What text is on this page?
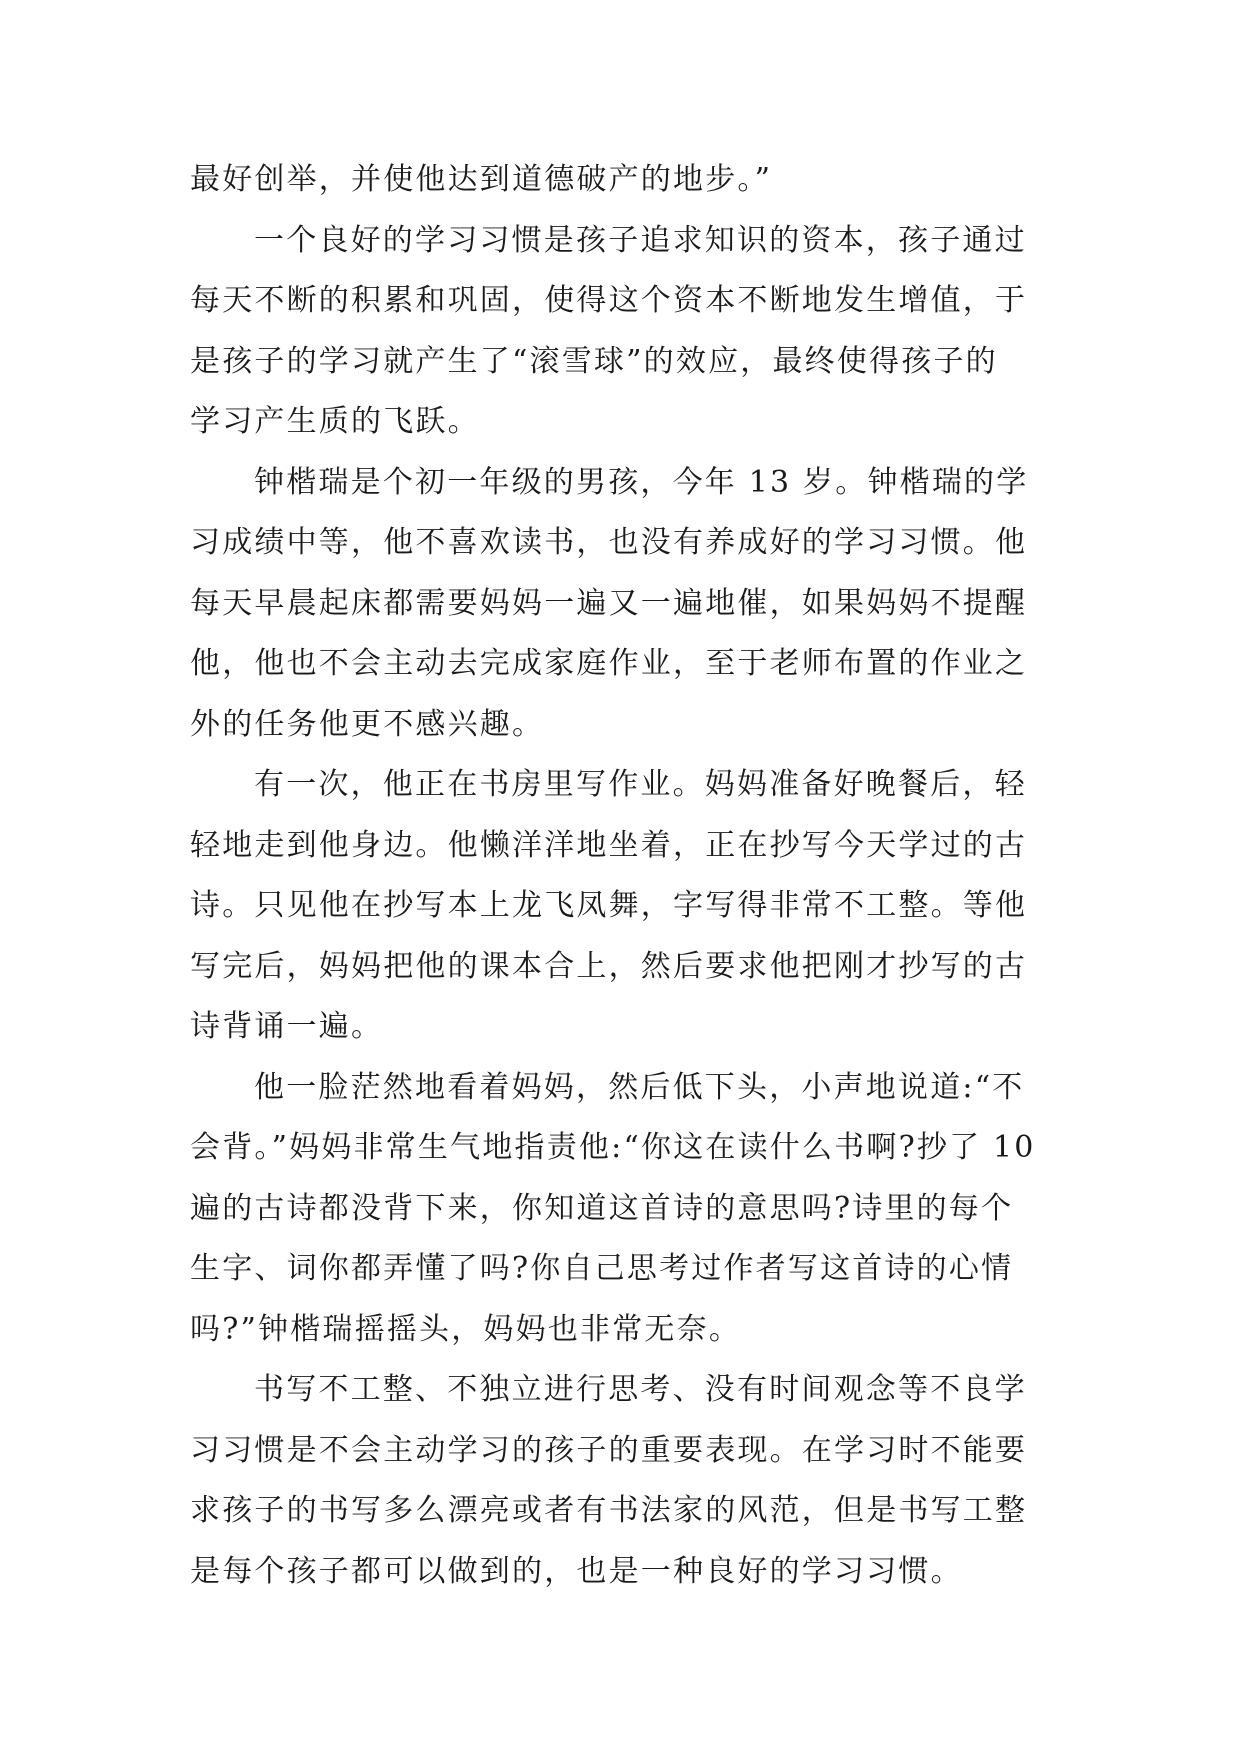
最好创举，并使他达到道德破产的地步。”

一个良好的学习习惯是孩子追求知识的资本，孩子通过
每天不断的积累和巩固，使得这个资本不断地发生增值，于
是孩子的学习就产生了“滚雪球”的效应，最终使得孩子的
学习产生质的飞跃。

钟楷瑞是个初一年级的男孩，今年 13 岁。钟楷瑞的学
习成绩中等，他不喜欢读书，也没有养成好的学习习惯。他
每天早晨起床都需要妈妈一遍又一遍地催，如果妈妈不提醒
他，他也不会主动去完成家庭作业，至于老师布置的作业之
外的任务他更不感兴趣。

有一次，他正在书房里写作业。妈妈准备好晚餐后，轻
轻地走到他身边。他懒洋洋地坐着，正在抄写今天学过的古
诗。只见他在抄写本上龙飞凤舞，字写得非常不工整。等他
写完后，妈妈把他的课本合上，然后要求他把刚才抄写的古
诗背诵一遍。

他一脸茫然地看着妈妈，然后低下头，小声地说道:“不
会背。”妈妈非常生气地指责他:“你这在读什么书啊?抄了 10
遍的古诗都没背下来，你知道这首诗的意思吗?诗里的每个
生字、词你都弄懂了吗?你自己思考过作者写这首诗的心情
吗?”钟楷瑞摇摇头，妈妈也非常无奈。

书写不工整、不独立进行思考、没有时间观念等不良学
习习惯是不会主动学习的孩子的重要表现。在学习时不能要
求孩子的书写多么漂亮或者有书法家的风范，但是书写工整
是每个孩子都可以做到的，也是一种良好的学习习惯。
